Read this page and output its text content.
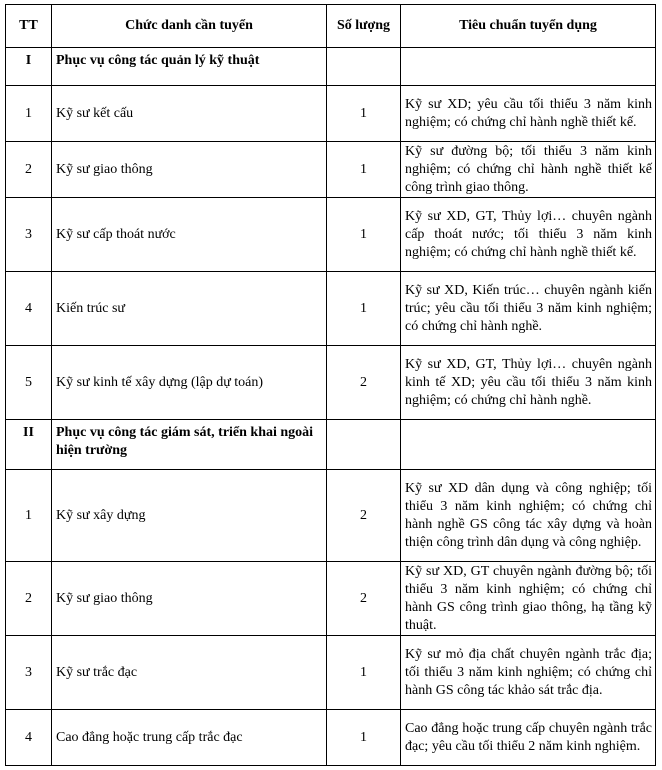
TT	Chức danh cần tuyển	Số lượng	Tiêu chuẩn tuyển dụng
I	Phục vụ công tác quản lý kỹ thuật		
1	Kỹ sư kết cấu	1	Kỹ sư XD; yêu cầu tối thiểu 3 năm kinh nghiệm; có chứng chỉ hành nghề thiết kế.
2	Kỹ sư giao thông	1	Kỹ sư đường bộ; tối thiểu 3 năm kinh nghiệm; có chứng chỉ hành nghề thiết kế công trình giao thông.
3	Kỹ sư cấp thoát nước	1	Kỹ sư XD, GT, Thủy lợi… chuyên ngành cấp thoát nước; tối thiểu 3 năm kinh nghiệm; có chứng chỉ hành nghề thiết kế.
4	Kiến trúc sư	1	Kỹ sư XD, Kiến trúc… chuyên ngành kiến trúc; yêu cầu tối thiểu 3 năm kinh nghiệm; có chứng chỉ hành nghề.
5	Kỹ sư kinh tế xây dựng (lập dự toán)	2	Kỹ sư XD, GT, Thủy lợi… chuyên ngành kinh tế XD; yêu cầu tối thiểu 3 năm kinh nghiệm; có chứng chỉ hành nghề.
II	Phục vụ công tác giám sát, triển khai ngoài hiện trường		
1	Kỹ sư xây dựng	2	Kỹ sư XD dân dụng và công nghiệp; tối thiểu 3 năm kinh nghiệm; có chứng chỉ hành nghề GS công tác xây dựng và hoàn thiện công trình dân dụng và công nghiệp.
2	Kỹ sư giao thông	2	Kỹ sư XD, GT chuyên ngành đường bộ; tối thiểu 3 năm kinh nghiệm; có chứng chỉ hành GS công trình giao thông, hạ tầng kỹ thuật.
3	Kỹ sư trắc đạc	1	Kỹ sư mỏ địa chất chuyên ngành trắc địa; tối thiểu 3 năm kinh nghiệm; có chứng chỉ hành GS công tác khảo sát trắc địa.
4	Cao đẳng hoặc trung cấp trắc đạc	1	Cao đẳng hoặc trung cấp chuyên ngành trắc đạc; yêu cầu tối thiểu 2 năm kinh nghiệm.
